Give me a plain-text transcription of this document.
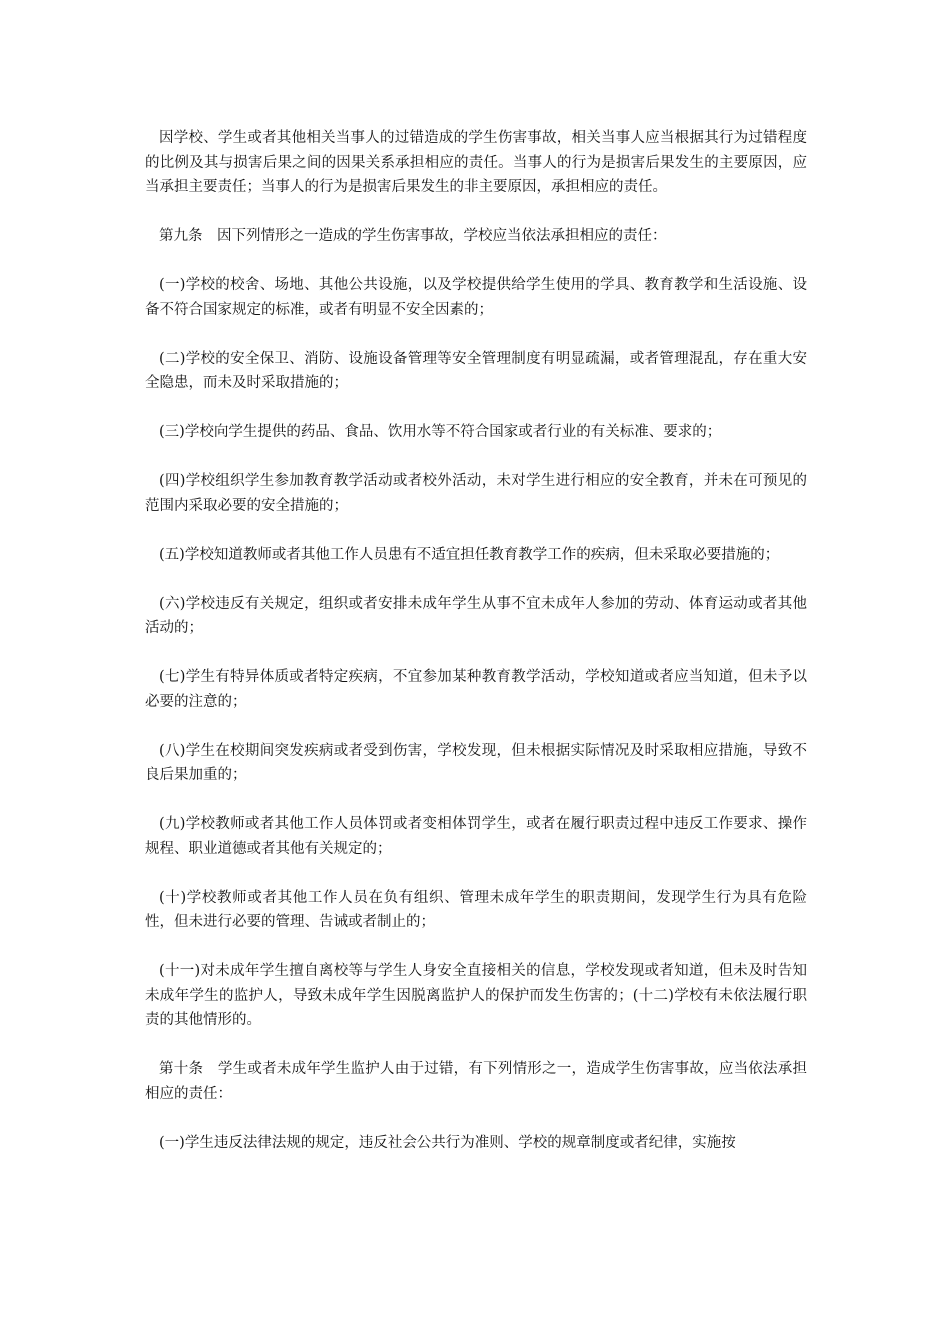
因学校、学生或者其他相关当事人的过错造成的学生伤害事故，相关当事人应当根据其行为过错程度的比例及其与损害后果之间的因果关系承担相应的责任。当事人的行为是损害后果发生的主要原因，应当承担主要责任；当事人的行为是损害后果发生的非主要原因，承担相应的责任。

第九条　因下列情形之一造成的学生伤害事故，学校应当依法承担相应的责任：

(一)学校的校舍、场地、其他公共设施，以及学校提供给学生使用的学具、教育教学和生活设施、设备不符合国家规定的标准，或者有明显不安全因素的；

(二)学校的安全保卫、消防、设施设备管理等安全管理制度有明显疏漏，或者管理混乱，存在重大安全隐患，而未及时采取措施的；

(三)学校向学生提供的药品、食品、饮用水等不符合国家或者行业的有关标准、要求的；

(四)学校组织学生参加教育教学活动或者校外活动，未对学生进行相应的安全教育，并未在可预见的范围内采取必要的安全措施的；

(五)学校知道教师或者其他工作人员患有不适宜担任教育教学工作的疾病，但未采取必要措施的；

(六)学校违反有关规定，组织或者安排未成年学生从事不宜未成年人参加的劳动、体育运动或者其他活动的；

(七)学生有特异体质或者特定疾病，不宜参加某种教育教学活动，学校知道或者应当知道，但未予以必要的注意的；

(八)学生在校期间突发疾病或者受到伤害，学校发现，但未根据实际情况及时采取相应措施，导致不良后果加重的；

(九)学校教师或者其他工作人员体罚或者变相体罚学生，或者在履行职责过程中违反工作要求、操作规程、职业道德或者其他有关规定的；

(十)学校教师或者其他工作人员在负有组织、管理未成年学生的职责期间，发现学生行为具有危险性，但未进行必要的管理、告诫或者制止的；

(十一)对未成年学生擅自离校等与学生人身安全直接相关的信息，学校发现或者知道，但未及时告知未成年学生的监护人，导致未成年学生因脱离监护人的保护而发生伤害的；(十二)学校有未依法履行职责的其他情形的。

第十条　学生或者未成年学生监护人由于过错，有下列情形之一，造成学生伤害事故，应当依法承担相应的责任：

(一)学生违反法律法规的规定，违反社会公共行为准则、学校的规章制度或者纪律，实施按
